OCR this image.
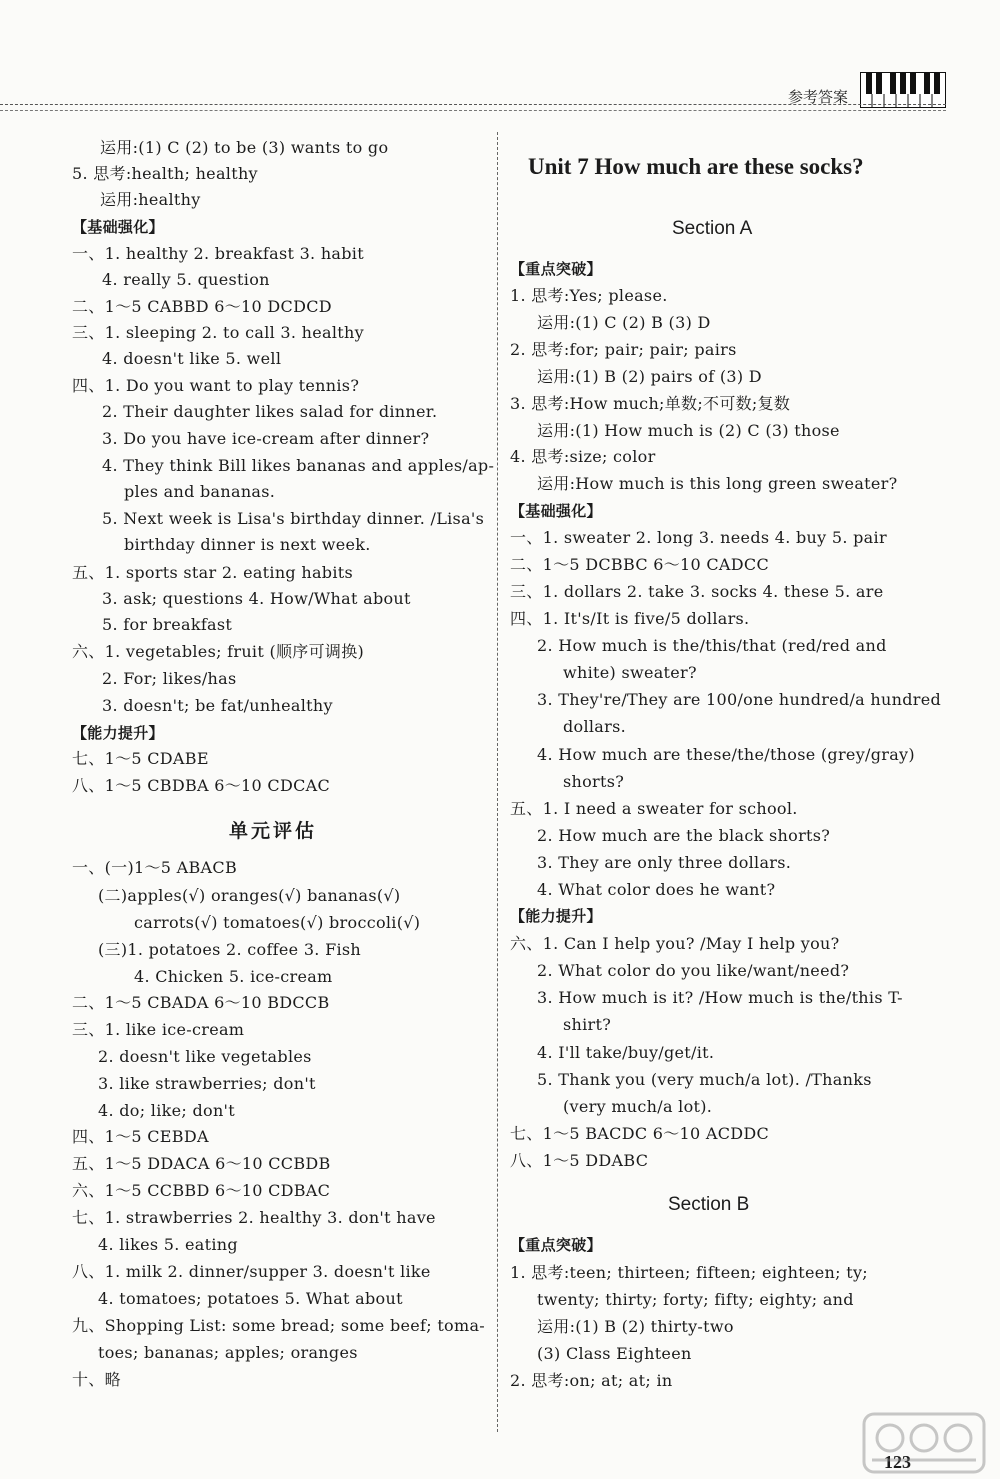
参考答案
运用:(1) C (2) to be (3) wants to go
5. 思考:health; healthy
运用:healthy
【基础强化】
一、1. healthy 2. breakfast 3. habit
4. really 5. question
二、1～5 CABBD 6～10 DCDCD
三、1. sleeping 2. to call 3. healthy
4. doesn't like 5. well
四、1. Do you want to play tennis?
2. Their daughter likes salad for dinner.
3. Do you have ice-cream after dinner?
4. They think Bill likes bananas and apples/ap-
ples and bananas.
5. Next week is Lisa's birthday dinner. /Lisa's
birthday dinner is next week.
五、1. sports star 2. eating habits
3. ask; questions 4. How/What about
5. for breakfast
六、1. vegetables; fruit (顺序可调换)
2. For; likes/has
3. doesn't; be fat/unhealthy
【能力提升】
七、1～5 CDABE
八、1～5 CBDBA 6～10 CDCAC
单元评估
一、(一)1～5 ABACB
(二)apples(√) oranges(√) bananas(√)
carrots(√) tomatoes(√) broccoli(√)
(三)1. potatoes 2. coffee 3. Fish
4. Chicken 5. ice-cream
二、1～5 CBADA 6～10 BDCCB
三、1. like ice-cream
2. doesn't like vegetables
3. like strawberries; don't
4. do; like; don't
四、1～5 CEBDA
五、1～5 DDACA 6～10 CCBDB
六、1～5 CCBBD 6～10 CDBAC
七、1. strawberries 2. healthy 3. don't have
4. likes 5. eating
八、1. milk 2. dinner/supper 3. doesn't like
4. tomatoes; potatoes 5. What about
九、Shopping List: some bread; some beef; toma-
toes; bananas; apples; oranges
十、略
Unit 7 How much are these socks?
Section A
【重点突破】
1. 思考:Yes; please.
运用:(1) C (2) B (3) D
2. 思考:for; pair; pair; pairs
运用:(1) B (2) pairs of (3) D
3. 思考:How much;单数;不可数;复数
运用:(1) How much is (2) C (3) those
4. 思考:size; color
运用:How much is this long green sweater?
【基础强化】
一、1. sweater 2. long 3. needs 4. buy 5. pair
二、1～5 DCBBC 6～10 CADCC
三、1. dollars 2. take 3. socks 4. these 5. are
四、1. It's/It is five/5 dollars.
2. How much is the/this/that (red/red and
white) sweater?
3. They're/They are 100/one hundred/a hundred
dollars.
4. How much are these/the/those (grey/gray)
shorts?
五、1. I need a sweater for school.
2. How much are the black shorts?
3. They are only three dollars.
4. What color does he want?
【能力提升】
六、1. Can I help you? /May I help you?
2. What color do you like/want/need?
3. How much is it? /How much is the/this T-
shirt?
4. I'll take/buy/get/it.
5. Thank you (very much/a lot). /Thanks
(very much/a lot).
七、1～5 BACDC 6～10 ACDDC
八、1～5 DDABC
Section B
【重点突破】
1. 思考:teen; thirteen; fifteen; eighteen; ty;
twenty; thirty; forty; fifty; eighty; and
运用:(1) B (2) thirty-two
(3) Class Eighteen
2. 思考:on; at; at; in
123
